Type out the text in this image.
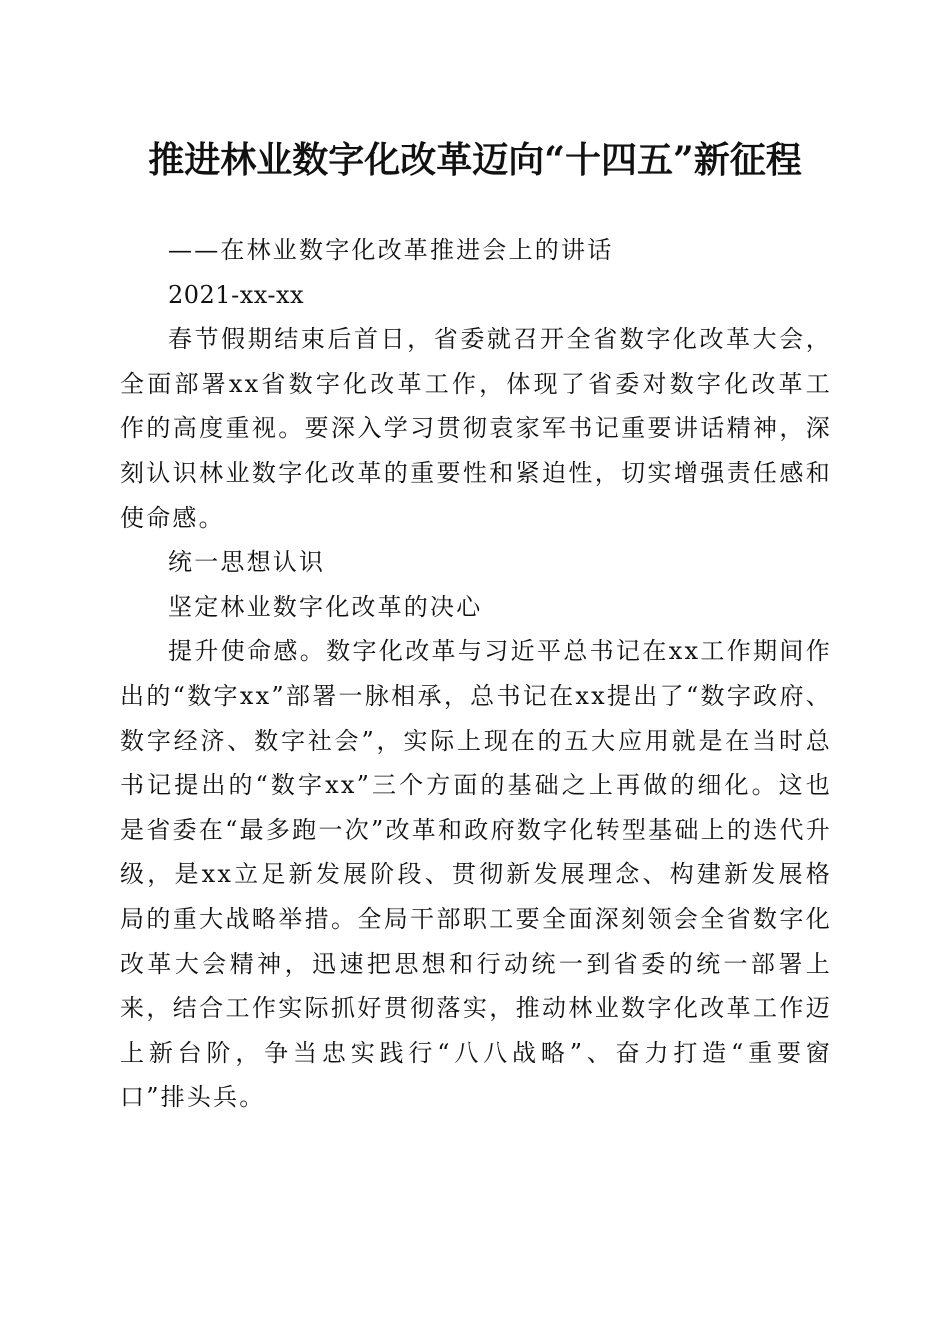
推进林业数字化改革迈向“十四五”新征程

——在林业数字化改革推进会上的讲话

2021-xx-xx

春节假期结束后首日，省委就召开全省数字化改革大会，全面部署xx省数字化改革工作，体现了省委对数字化改革工作的高度重视。要深入学习贯彻袁家军书记重要讲话精神，深刻认识林业数字化改革的重要性和紧迫性，切实增强责任感和使命感。

统一思想认识

坚定林业数字化改革的决心

提升使命感。数字化改革与习近平总书记在xx工作期间作出的“数字xx”部署一脉相承，总书记在xx提出了“数字政府、数字经济、数字社会”，实际上现在的五大应用就是在当时总书记提出的“数字xx”三个方面的基础之上再做的细化。这也是省委在“最多跑一次”改革和政府数字化转型基础上的迭代升级，是xx立足新发展阶段、贯彻新发展理念、构建新发展格局的重大战略举措。全局干部职工要全面深刻领会全省数字化改革大会精神，迅速把思想和行动统一到省委的统一部署上来，结合工作实际抓好贯彻落实，推动林业数字化改革工作迈上新台阶，争当忠实践行“八八战略”、奋力打造“重要窗口”排头兵。
